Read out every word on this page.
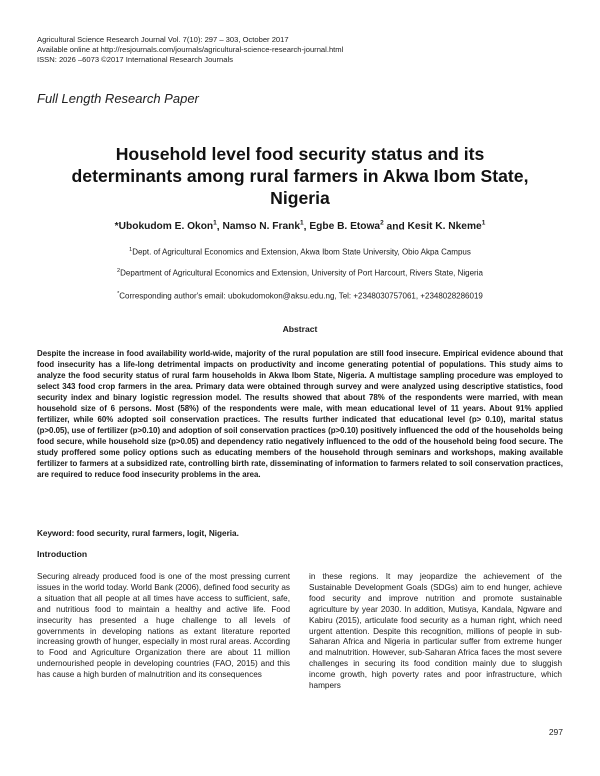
Agricultural Science Research Journal Vol. 7(10): 297 – 303, October 2017
Available online at http://resjournals.com/journals/agricultural-science-research-journal.html
ISSN: 2026 –6073 ©2017 International Research Journals
Full Length Research Paper
Household level food security status and its determinants among rural farmers in Akwa Ibom State, Nigeria
*Ubokudom E. Okon$^1$, Namso N. Frank$^1$, Egbe B. Etowa$^2$ and Kesit K. Nkeme$^1$
$^1$Dept. of Agricultural Economics and Extension, Akwa Ibom State University, Obio Akpa Campus
$^2$Department of Agricultural Economics and Extension, University of Port Harcourt, Rivers State, Nigeria
*Corresponding author's email: ubokudomokon@aksu.edu.ng, Tel: +2348030757061, +2348028286019
Abstract
Despite the increase in food availability world-wide, majority of the rural population are still food insecure. Empirical evidence abound that food insecurity has a life-long detrimental impacts on productivity and income generating potential of populations. This study aims to analyze the food security status of rural farm households in Akwa Ibom State, Nigeria. A multistage sampling procedure was employed to select 343 food crop farmers in the area. Primary data were obtained through survey and were analyzed using descriptive statistics, food security index and binary logistic regression model. The results showed that about 78% of the respondents were married, with mean household size of 6 persons. Most (58%) of the respondents were male, with mean educational level of 11 years. About 91% applied fertilizer, while 60% adopted soil conservation practices. The results further indicated that educational level (p> 0.10), marital status (p>0.05), use of fertilizer (p>0.10) and adoption of soil conservation practices (p>0.10) positively influenced the odd of the households being food secure, while household size (p>0.05) and dependency ratio negatively influenced to the odd of the household being food secure. The study proffered some policy options such as educating members of the household through seminars and workshops, making available fertilizer to farmers at a subsidized rate, controlling birth rate, disseminating of information to farmers related to soil conservation practices, are required to reduce food insecurity problems in the area.
Keyword: food security, rural farmers, logit, Nigeria.
Introduction
Securing already produced food is one of the most pressing current issues in the world today. World Bank (2006), defined food security as a situation that all people at all times have access to sufficient, safe, and nutritious food to maintain a healthy and active life. Food insecurity has presented a huge challenge to all levels of governments in developing nations as extant literature reported increasing growth of hunger, especially in most rural areas. According to Food and Agriculture Organization there are about 11 million undernourished people in developing countries (FAO, 2015) and this has cause a high burden of malnutrition and its consequences
in these regions. It may jeopardize the achievement of the Sustainable Development Goals (SDGs) aim to end hunger, achieve food security and improve nutrition and promote sustainable agriculture by year 2030. In addition, Mutisya, Kandala, Ngware and Kabiru (2015), articulate food security as a human right, which need urgent attention. Despite this recognition, millions of people in sub-Saharan Africa and Nigeria in particular suffer from extreme hunger and malnutrition. However, sub-Saharan Africa faces the most severe challenges in securing its food condition mainly due to sluggish income growth, high poverty rates and poor infrastructure, which hampers
297
